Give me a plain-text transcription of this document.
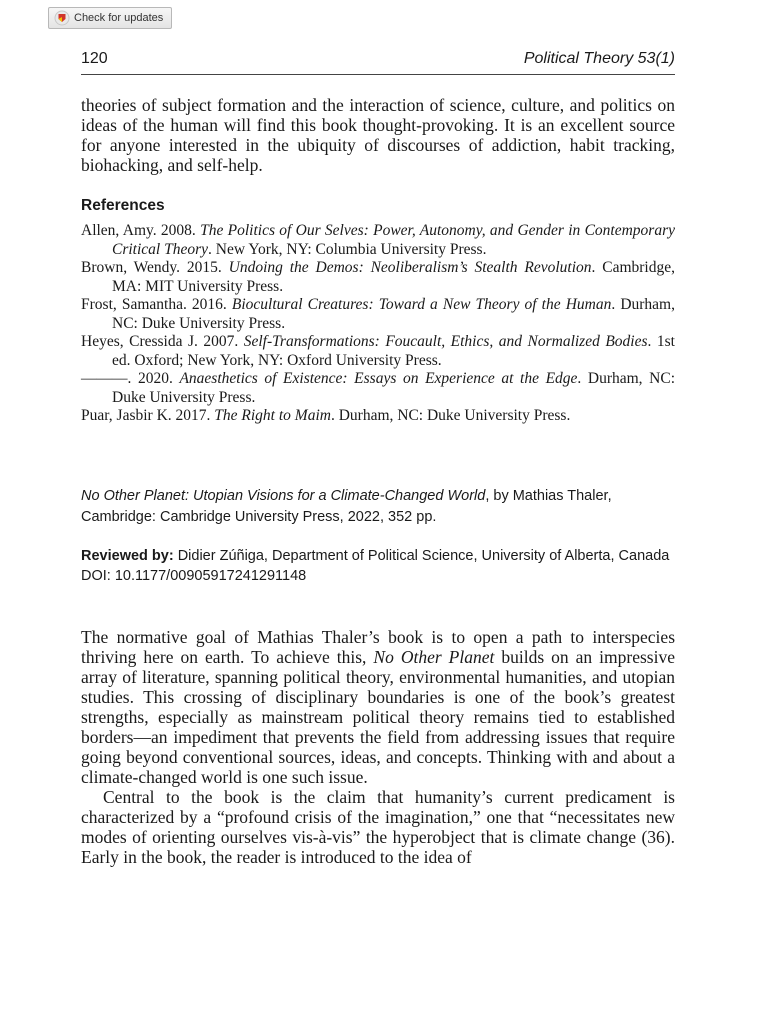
Check for updates
120	Political Theory 53(1)

theories of subject formation and the interaction of science, culture, and politics on ideas of the human will find this book thought-provoking. It is an excellent source for anyone interested in the ubiquity of discourses of addiction, habit tracking, biohacking, and self-help.

References
Allen, Amy. 2008. The Politics of Our Selves: Power, Autonomy, and Gender in Contemporary Critical Theory. New York, NY: Columbia University Press.
Brown, Wendy. 2015. Undoing the Demos: Neoliberalism’s Stealth Revolution. Cambridge, MA: MIT University Press.
Frost, Samantha. 2016. Biocultural Creatures: Toward a New Theory of the Human. Durham, NC: Duke University Press.
Heyes, Cressida J. 2007. Self-Transformations: Foucault, Ethics, and Normalized Bodies. 1st ed. Oxford; New York, NY: Oxford University Press.
———. 2020. Anaesthetics of Existence: Essays on Experience at the Edge. Durham, NC: Duke University Press.
Puar, Jasbir K. 2017. The Right to Maim. Durham, NC: Duke University Press.
No Other Planet: Utopian Visions for a Climate-Changed World, by Mathias Thaler, Cambridge: Cambridge University Press, 2022, 352 pp.
Reviewed by: Didier Zúñiga, Department of Political Science, University of Alberta, Canada
DOI: 10.1177/00905917241291148

The normative goal of Mathias Thaler’s book is to open a path to interspecies thriving here on earth. To achieve this, No Other Planet builds on an impressive array of literature, spanning political theory, environmental humanities, and utopian studies. This crossing of disciplinary boundaries is one of the book’s greatest strengths, especially as mainstream political theory remains tied to established borders—an impediment that prevents the field from addressing issues that require going beyond conventional sources, ideas, and concepts. Thinking with and about a climate-changed world is one such issue.

Central to the book is the claim that humanity’s current predicament is characterized by a “profound crisis of the imagination,” one that “necessitates new modes of orienting ourselves vis-à-vis” the hyperobject that is climate change (36). Early in the book, the reader is introduced to the idea of
